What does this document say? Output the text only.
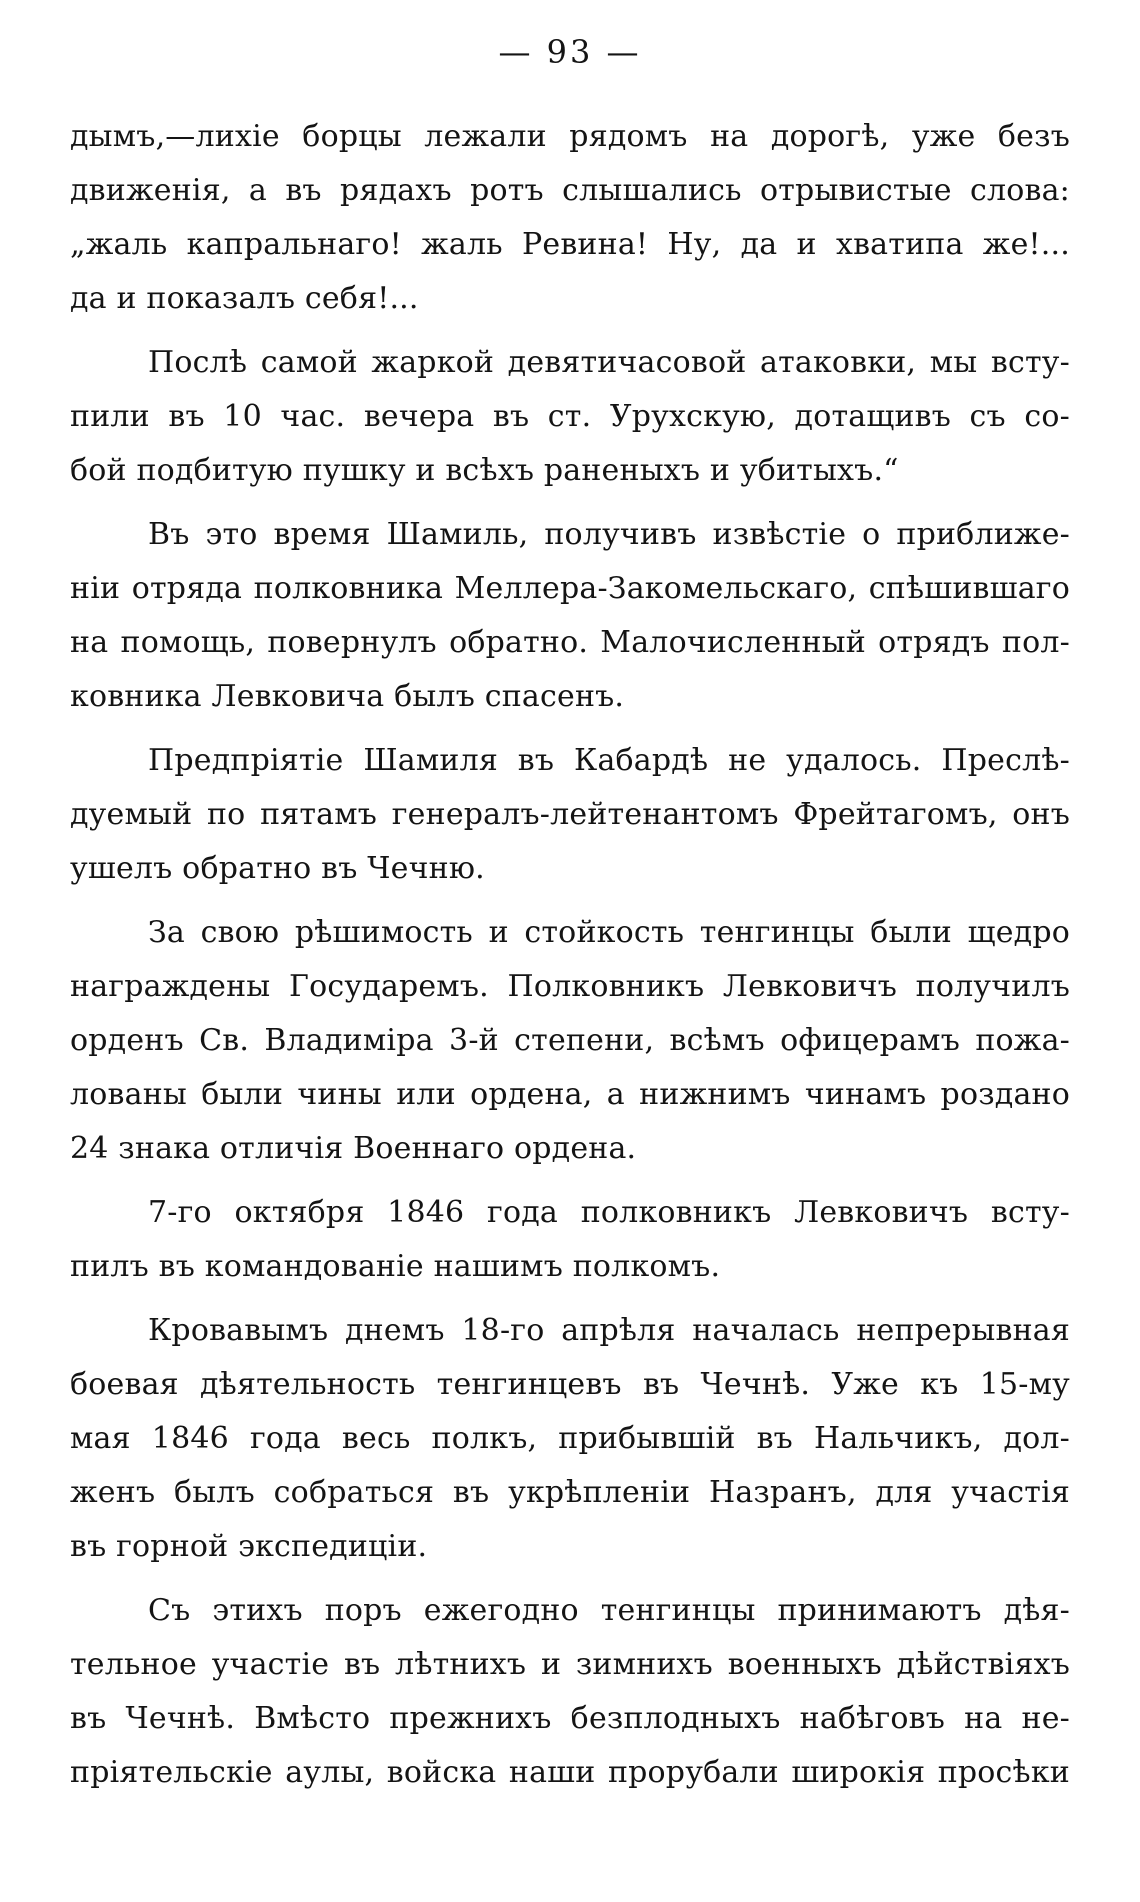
— 93 —
дымъ,—лихіе борцы лежали рядомъ на дорогѣ, уже безъ
движенія, а въ рядахъ ротъ слышались отрывистые слова:
„жаль капральнаго! жаль Ревина! Ну, да и хватипа же!...
да и показалъ себя!...
Послѣ самой жаркой девятичасовой атаковки, мы всту-
пили въ 10 час. вечера въ ст. Урухскую, дотащивъ съ со-
бой подбитую пушку и всѣхъ раненыхъ и убитыхъ.“
Въ это время Шамиль, получивъ извѣстіе о приближе-
ніи отряда полковника Меллера-Закомельскаго, спѣшившаго
на помощь, повернулъ обратно. Малочисленный отрядъ пол-
ковника Левковича былъ спасенъ.
Предпріятіе Шамиля въ Кабардѣ не удалось. Преслѣ-
дуемый по пятамъ генералъ-лейтенантомъ Фрейтагомъ, онъ
ушелъ обратно въ Чечню.
За свою рѣшимость и стойкость тенгинцы были щедро
награждены Государемъ. Полковникъ Левковичъ получилъ
орденъ Св. Владиміра 3-й степени, всѣмъ офицерамъ пожа-
лованы были чины или ордена, а нижнимъ чинамъ роздано
24 знака отличія Военнаго ордена.
7-го октября 1846 года полковникъ Левковичъ всту-
пилъ въ командованіе нашимъ полкомъ.
Кровавымъ днемъ 18-го апрѣля началась непрерывная
боевая дѣятельность тенгинцевъ въ Чечнѣ. Уже къ 15-му
мая 1846 года весь полкъ, прибывшій въ Нальчикъ, дол-
женъ былъ собраться въ укрѣпленіи Назранъ, для участія
въ горной экспедиціи.
Съ этихъ поръ ежегодно тенгинцы принимаютъ дѣя-
тельное участіе въ лѣтнихъ и зимнихъ военныхъ дѣйствіяхъ
въ Чечнѣ. Вмѣсто прежнихъ безплодныхъ набѣговъ на не-
пріятельскіе аулы, войска наши прорубали широкія просѣки
